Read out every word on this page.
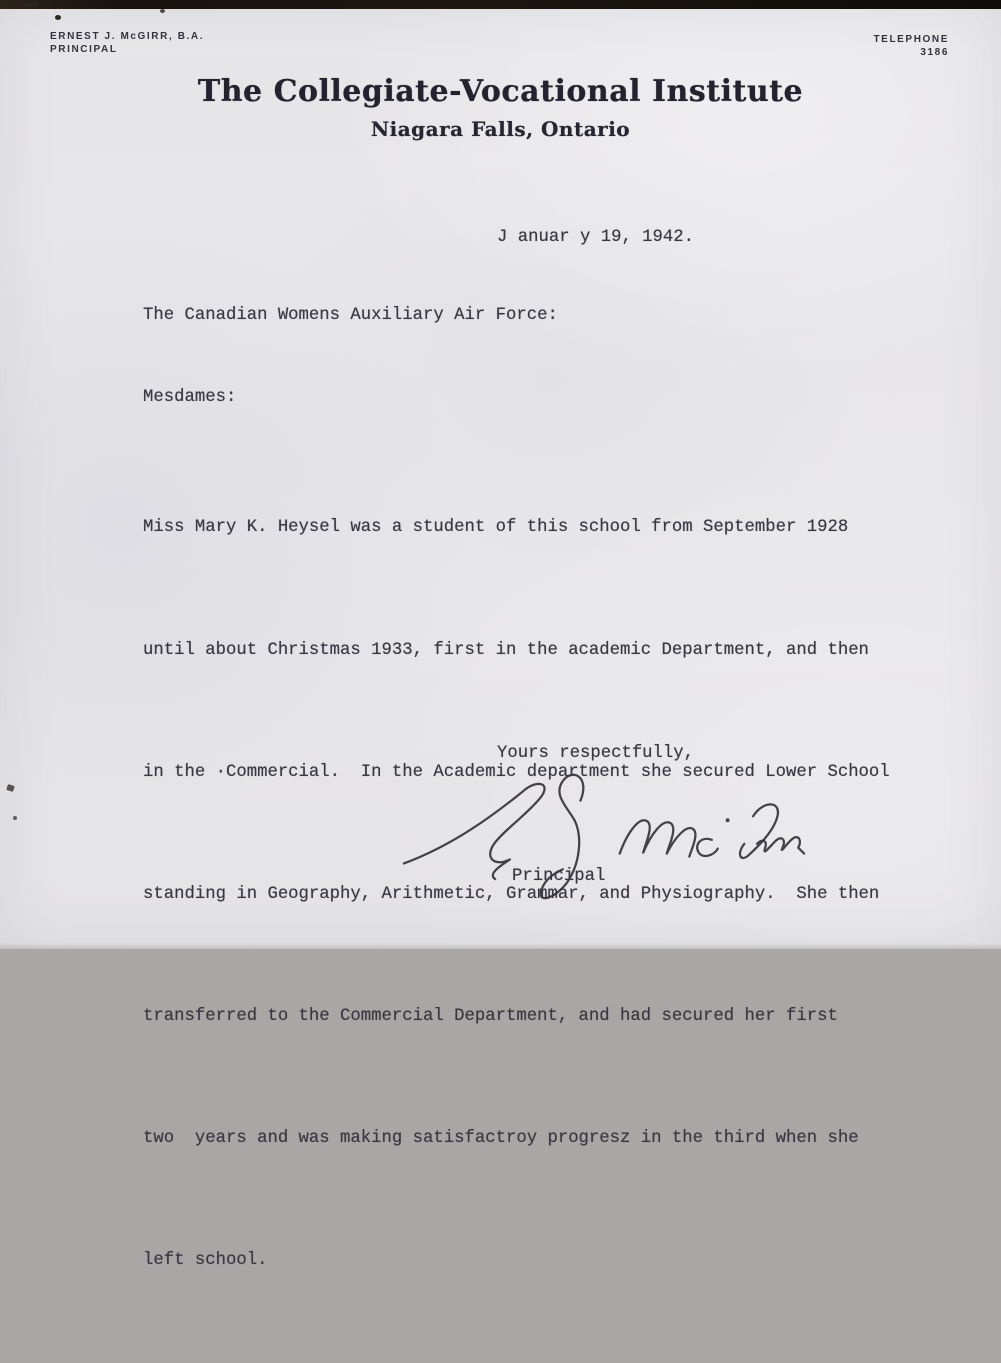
ERNEST J. McGIRR, B.A.
PRINCIPAL
TELEPHONE
3186
The Collegiate-Vocational Institute
Niagara Falls, Ontario
J anuar y 19, 1942.
The Canadian Womens Auxiliary Air Force:
Mesdames:

Miss Mary K. Heysel was a student of this school from September 1928

until about Christmas 1933, first in the academic Department, and then

in the ·Commercial.  In the Academic department she secured Lower School

standing in Geography, Arithmetic, Grammar, and Physiography.  She then

transferred to the Commercial Department, and had secured her first

two  years and was making satisfactroy progresz in the third when she

left school.

Yours respectfully,
Principal
